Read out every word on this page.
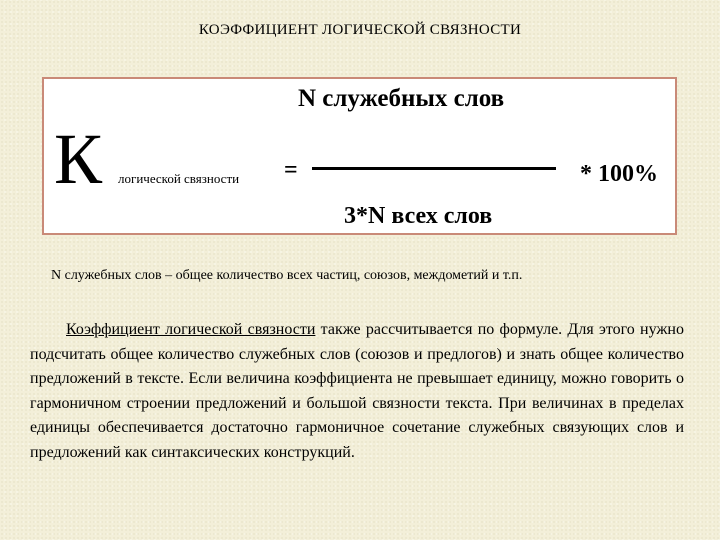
КОЭФФИЦИЕНТ ЛОГИЧЕСКОЙ СВЯЗНОСТИ
N служебных слов
К логической связности =	* 100%
3*N всех слов
N служебных слов – общее количество всех частиц, союзов, междометий и т.п.

Коэффициент логической связности также рассчитывается по формуле. Для этого нужно подсчитать общее количество служебных слов (союзов и предлогов) и знать общее количество предложений в тексте. Если величина коэффициента не превышает единицу, можно говорить о гармоничном строении предложений и большой связности текста. При величинах в пределах единицы обеспечивается достаточно гармоничное сочетание служебных связующих слов и предложений как синтаксических конструкций.
